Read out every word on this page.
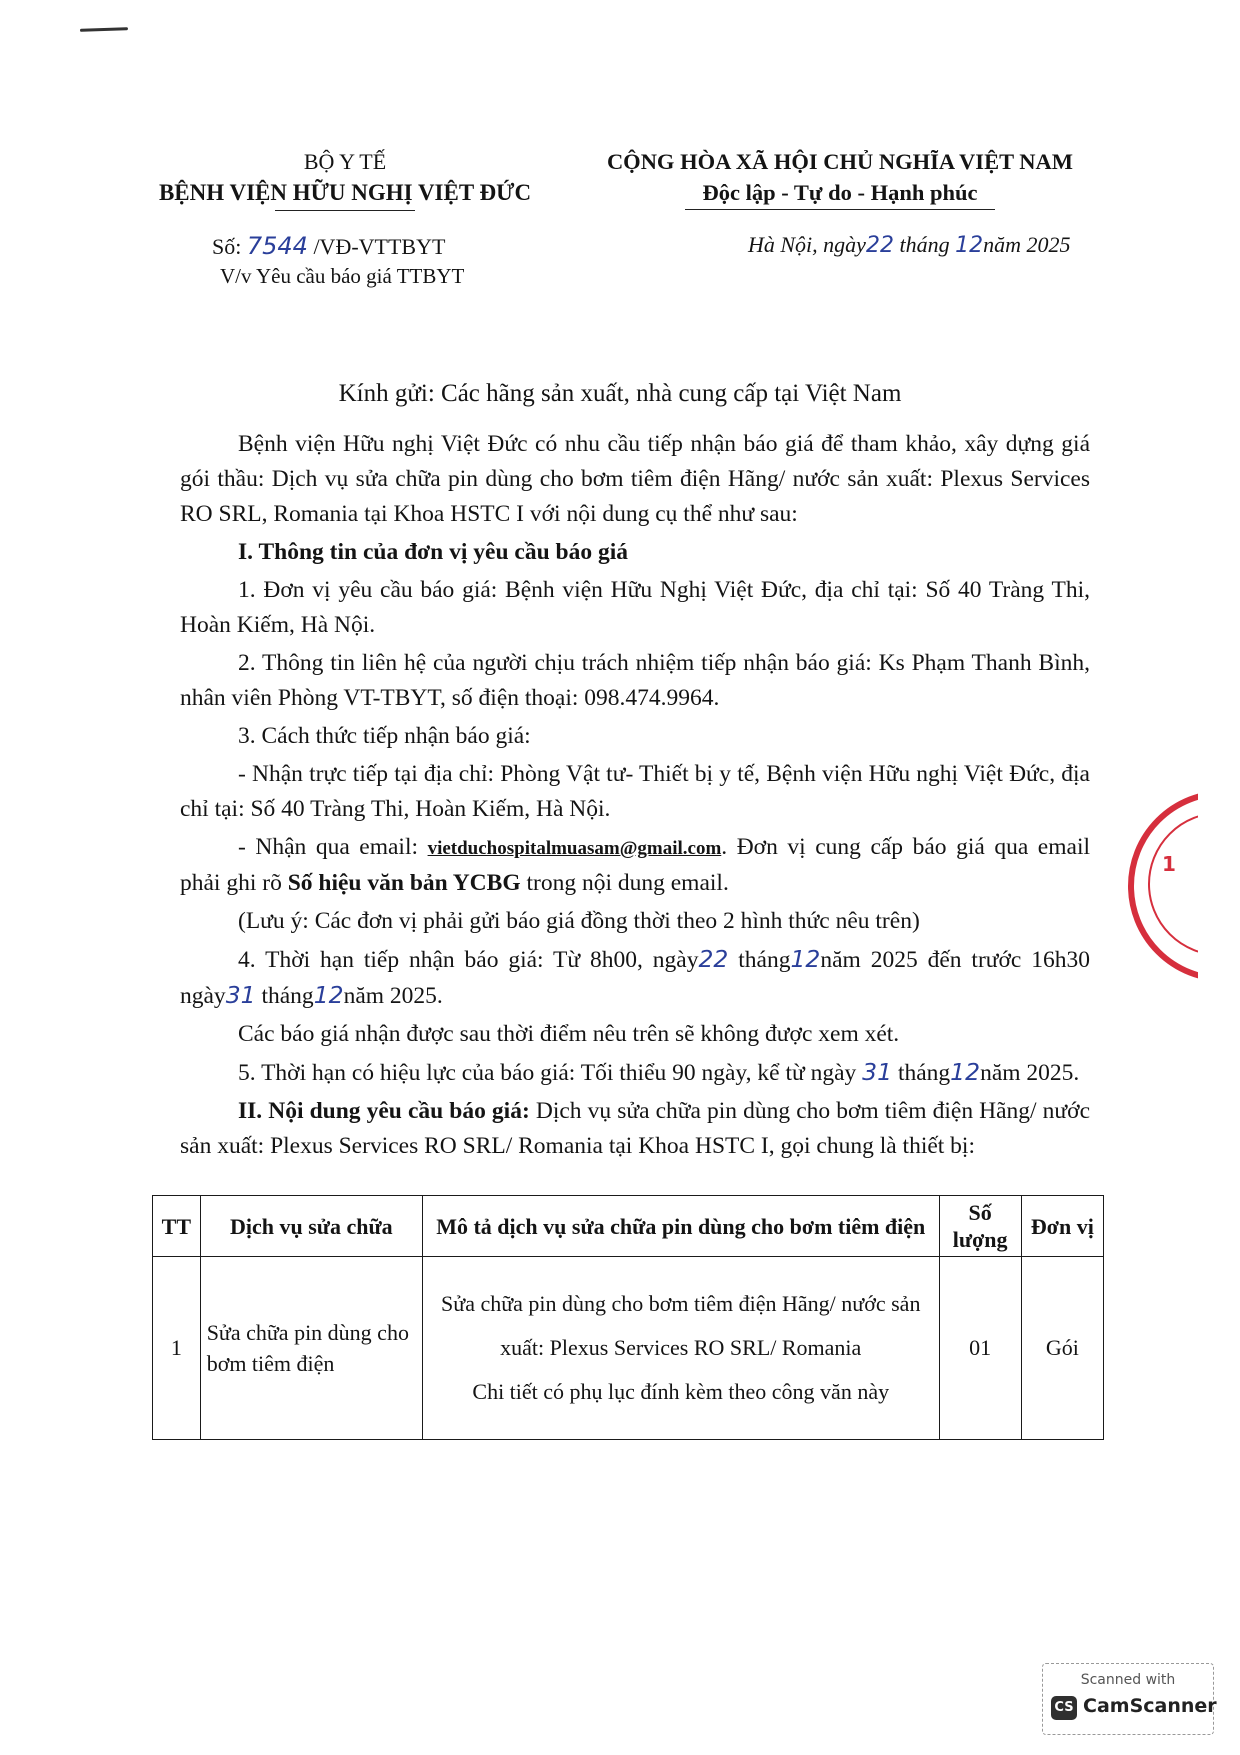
BỘ Y TẾ
BỆNH VIỆN HỮU NGHỊ VIỆT ĐỨC
CỘNG HÒA XÃ HỘI CHỦ NGHĨA VIỆT NAM
Độc lập - Tự do - Hạnh phúc
Số: 7544 /VĐ-VTTBYT
V/v Yêu cầu báo giá TTBYT
Hà Nội, ngày22 tháng 12năm 2025
Kính gửi: Các hãng sản xuất, nhà cung cấp tại Việt Nam

Bệnh viện Hữu nghị Việt Đức có nhu cầu tiếp nhận báo giá để tham khảo, xây dựng giá gói thầu: Dịch vụ sửa chữa pin dùng cho bơm tiêm điện Hãng/ nước sản xuất: Plexus Services RO SRL, Romania tại Khoa HSTC I với nội dung cụ thể như sau:

I. Thông tin của đơn vị yêu cầu báo giá

1. Đơn vị yêu cầu báo giá: Bệnh viện Hữu Nghị Việt Đức, địa chỉ tại: Số 40 Tràng Thi, Hoàn Kiếm, Hà Nội.

2. Thông tin liên hệ của người chịu trách nhiệm tiếp nhận báo giá: Ks Phạm Thanh Bình, nhân viên Phòng VT-TBYT, số điện thoại: 098.474.9964.

3. Cách thức tiếp nhận báo giá:

- Nhận trực tiếp tại địa chỉ: Phòng Vật tư- Thiết bị y tế, Bệnh viện Hữu nghị Việt Đức, địa chỉ tại: Số 40 Tràng Thi, Hoàn Kiếm, Hà Nội.

- Nhận qua email: vietduchospitalmuasam@gmail.com. Đơn vị cung cấp báo giá qua email phải ghi rõ Số hiệu văn bản YCBG trong nội dung email.

(Lưu ý: Các đơn vị phải gửi báo giá đồng thời theo 2 hình thức nêu trên)

4. Thời hạn tiếp nhận báo giá: Từ 8h00, ngày22 tháng12năm 2025 đến trước 16h30 ngày31 tháng12năm 2025.

Các báo giá nhận được sau thời điểm nêu trên sẽ không được xem xét.

5. Thời hạn có hiệu lực của báo giá: Tối thiểu 90 ngày, kể từ ngày 31 tháng12năm 2025.

II. Nội dung yêu cầu báo giá: Dịch vụ sửa chữa pin dùng cho bơm tiêm điện Hãng/ nước sản xuất: Plexus Services RO SRL/ Romania tại Khoa HSTC I, gọi chung là thiết bị:

TT	Dịch vụ sửa chữa	Mô tả dịch vụ sửa chữa pin dùng cho bơm tiêm điện	Số lượng	Đơn vị
1	Sửa chữa pin dùng cho bơm tiêm điện	Sửa chữa pin dùng cho bơm tiêm điện Hãng/ nước sản xuất: Plexus Services RO SRL/ Romania
Chi tiết có phụ lục đính kèm theo công văn này	01	Gói
1
Scanned with
CS CamScanner
